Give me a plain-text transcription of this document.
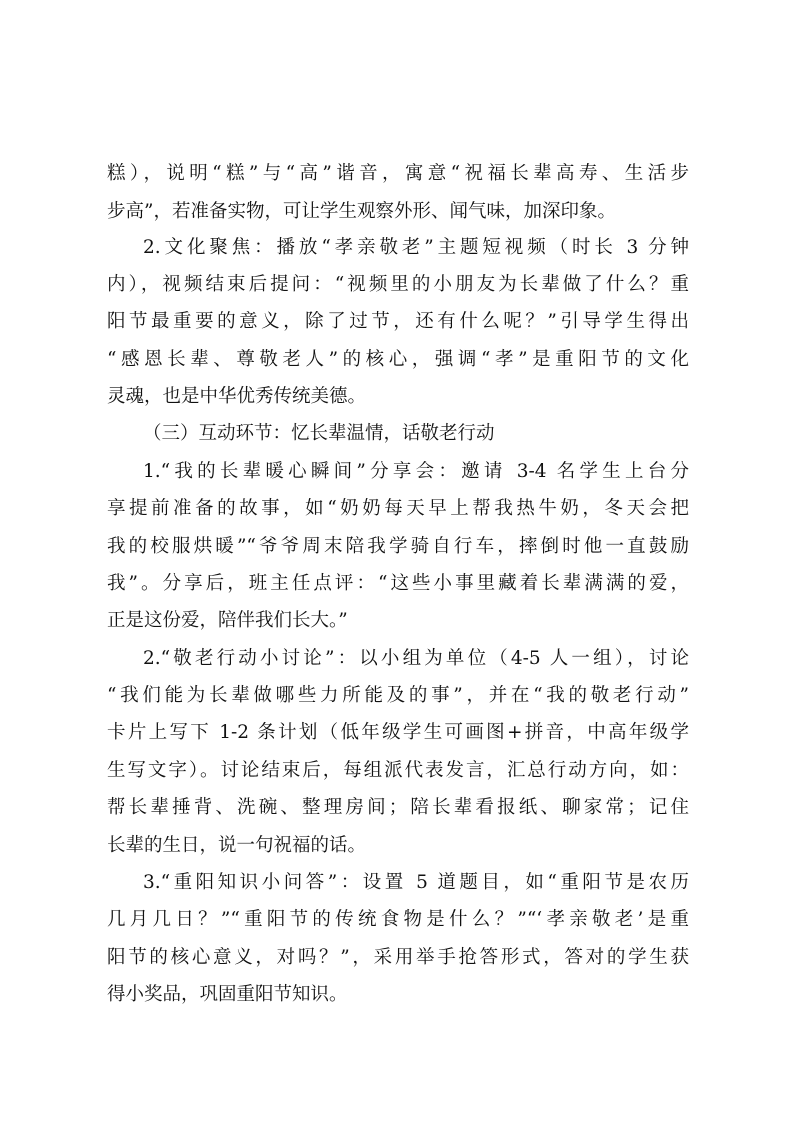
糕），说明“糕”与“高”谐音，寓意“祝福长辈高寿、生活步
步高”，若准备实物，可让学生观察外形、闻气味，加深印象。
2.文化聚焦：播放“孝亲敬老”主题短视频（时长 3 分钟
内），视频结束后提问：“视频里的小朋友为长辈做了什么？重
阳节最重要的意义，除了过节，还有什么呢？”引导学生得出
“感恩长辈、尊敬老人”的核心，强调“孝”是重阳节的文化
灵魂，也是中华优秀传统美德。
（三）互动环节：忆长辈温情，话敬老行动
1.“我的长辈暖心瞬间”分享会：邀请 3-4 名学生上台分
享提前准备的故事，如“奶奶每天早上帮我热牛奶，冬天会把
我的校服烘暖”“爷爷周末陪我学骑自行车，摔倒时他一直鼓励
我”。分享后，班主任点评：“这些小事里藏着长辈满满的爱，
正是这份爱，陪伴我们长大。”
2.“敬老行动小讨论”：以小组为单位（4-5 人一组），讨论
“我们能为长辈做哪些力所能及的事”，并在“我的敬老行动”
卡片上写下 1-2 条计划（低年级学生可画图+拼音，中高年级学
生写文字）。讨论结束后，每组派代表发言，汇总行动方向，如：
帮长辈捶背、洗碗、整理房间；陪长辈看报纸、聊家常；记住
长辈的生日，说一句祝福的话。
3.“重阳知识小问答”：设置 5 道题目，如“重阳节是农历
几月几日？”“重阳节的传统食物是什么？”“‘孝亲敬老’是重
阳节的核心意义，对吗？”，采用举手抢答形式，答对的学生获
得小奖品，巩固重阳节知识。
